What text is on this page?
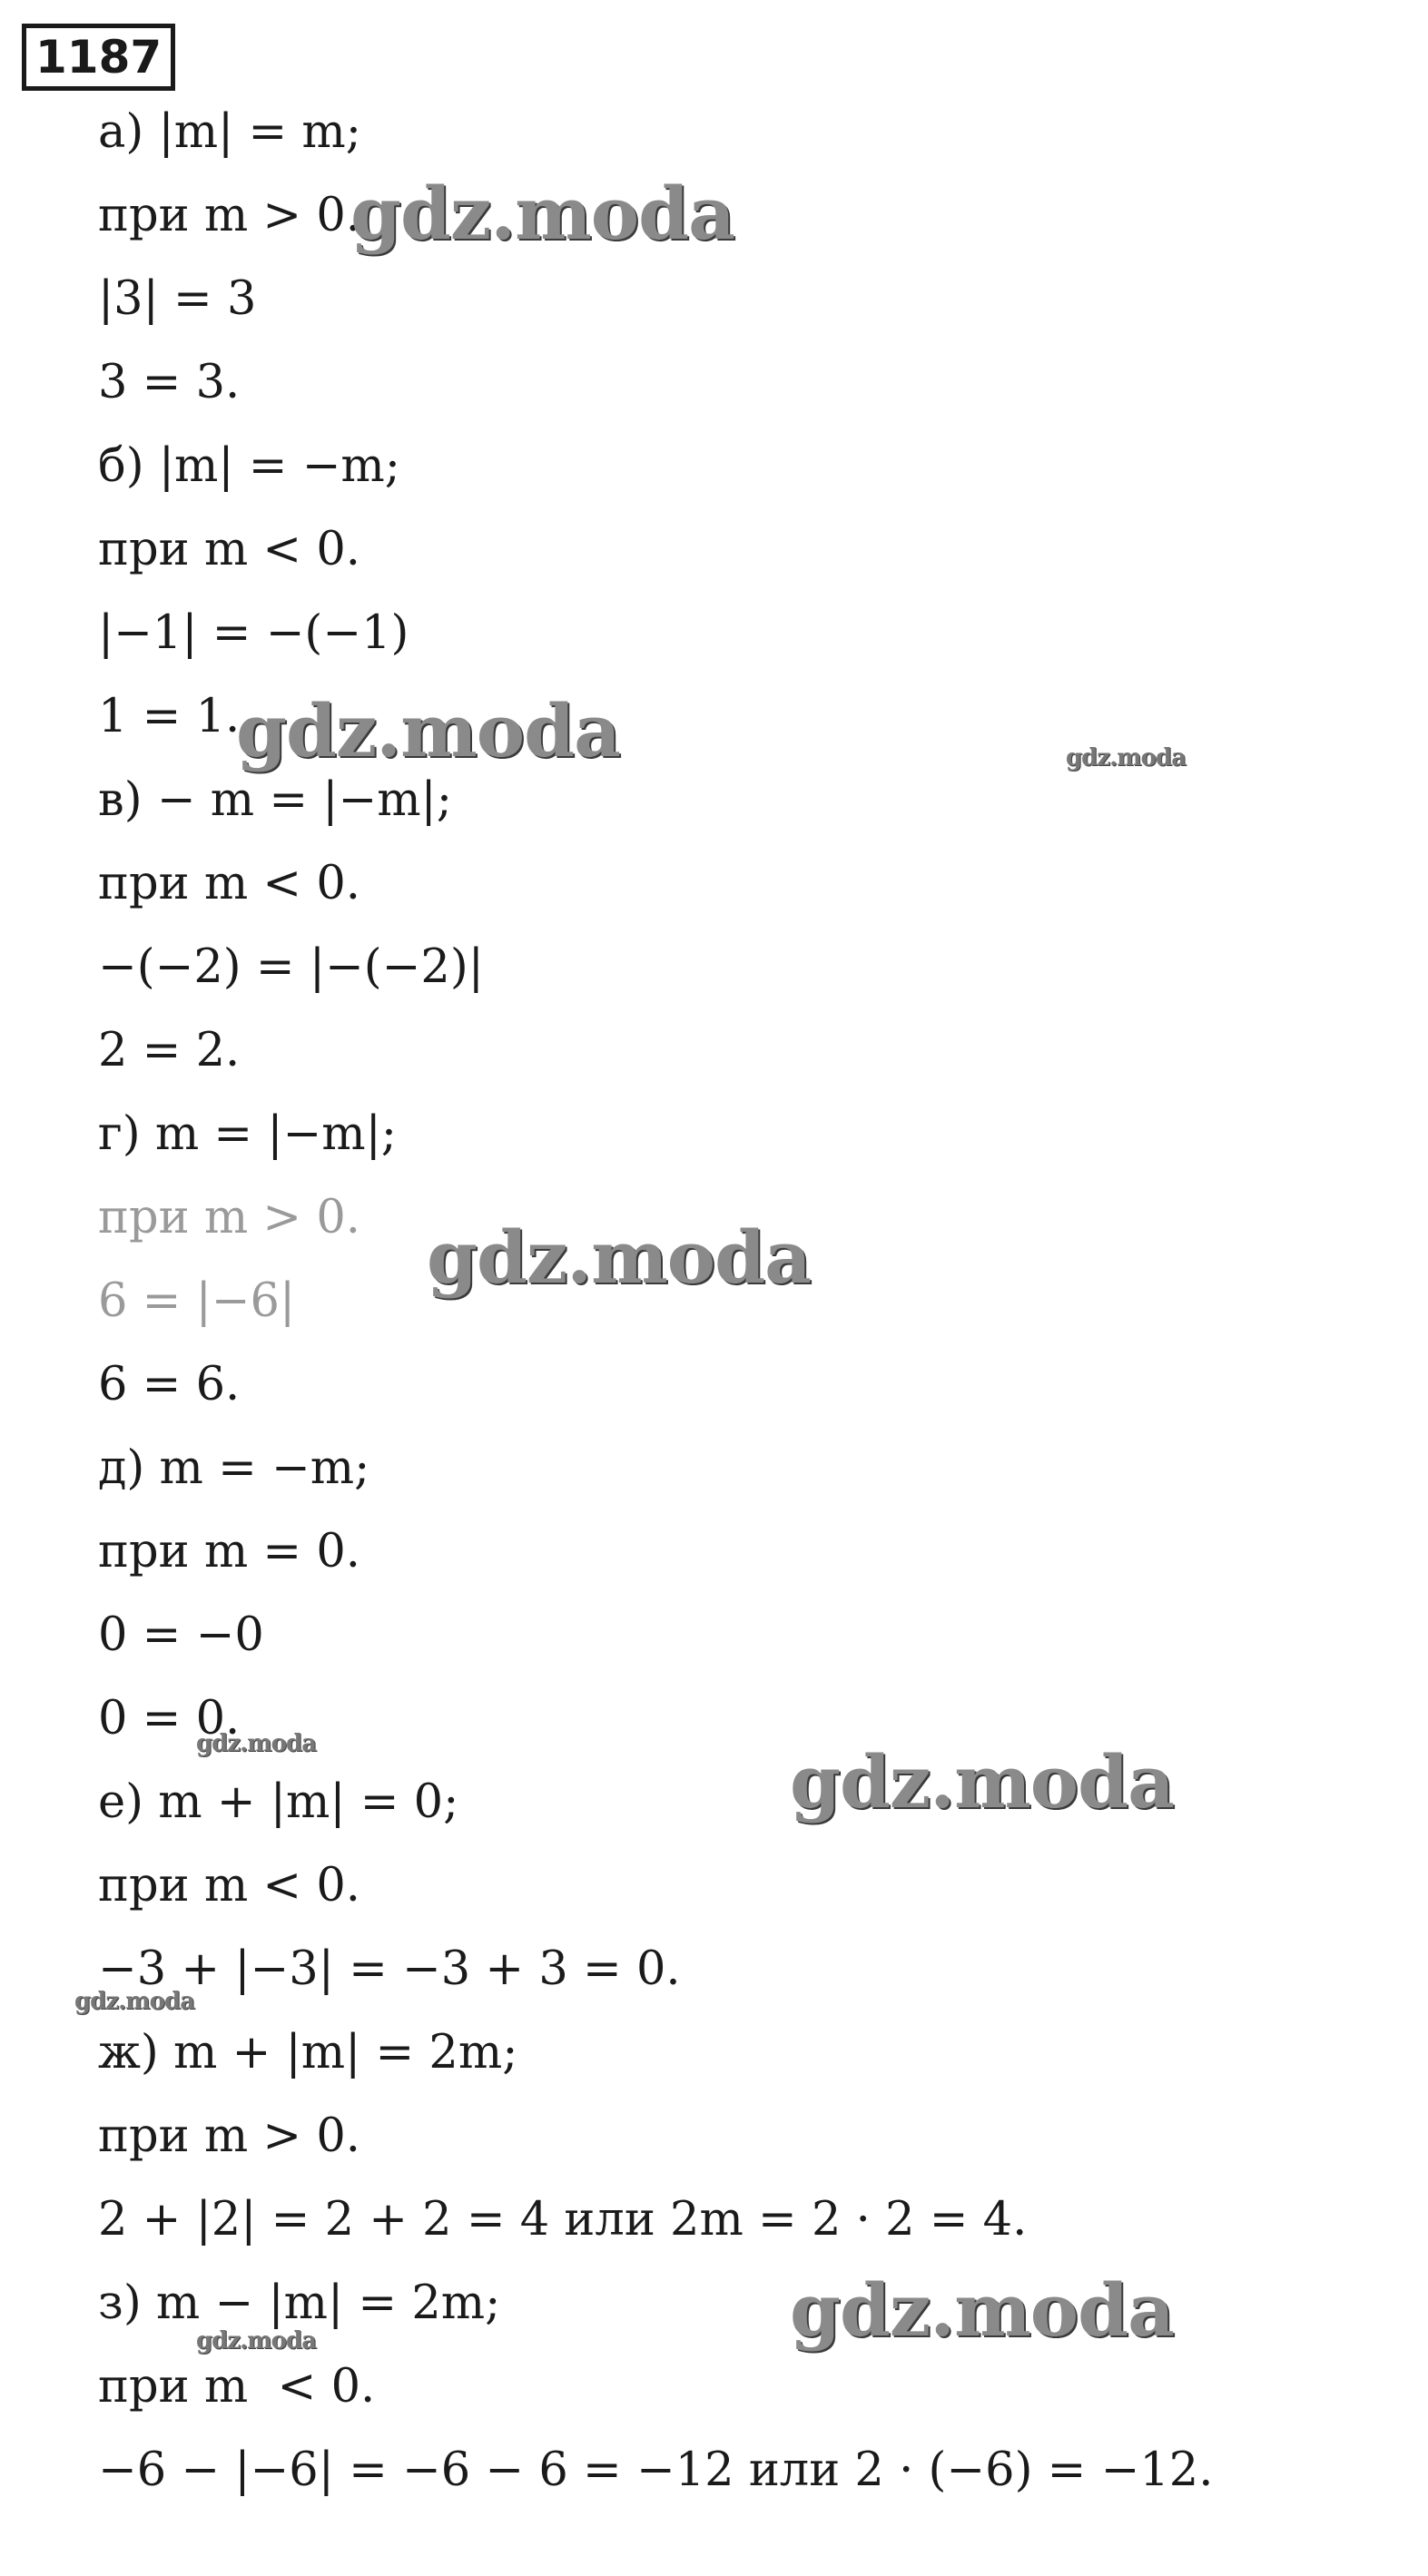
1187
а) |m| = m;
при m > 0.
|3| = 3
3 = 3.
б) |m| = −m;
при m < 0.
|−1| = −(−1)
1 = 1.
в) − m = |−m|;
при m < 0.
−(−2) = |−(−2)|
2 = 2.
г) m = |−m|;
при m > 0.
6 = |−6|
6 = 6.
д) m = −m;
при m = 0.
0 = −0
0 = 0.
е) m + |m| = 0;
при m < 0.
−3 + |−3| = −3 + 3 = 0.
ж) m + |m| = 2m;
при m > 0.
2 + |2| = 2 + 2 = 4 или 2m = 2 · 2 = 4.
з) m − |m| = 2m;
при m  < 0.
−6 − |−6| = −6 − 6 = −12 или 2 · (−6) = −12.
gdz.moda
gdz.moda	gdz.moda
gdz.moda
gdz.moda	gdz.moda
gdz.moda
gdz.moda
gdz.moda
